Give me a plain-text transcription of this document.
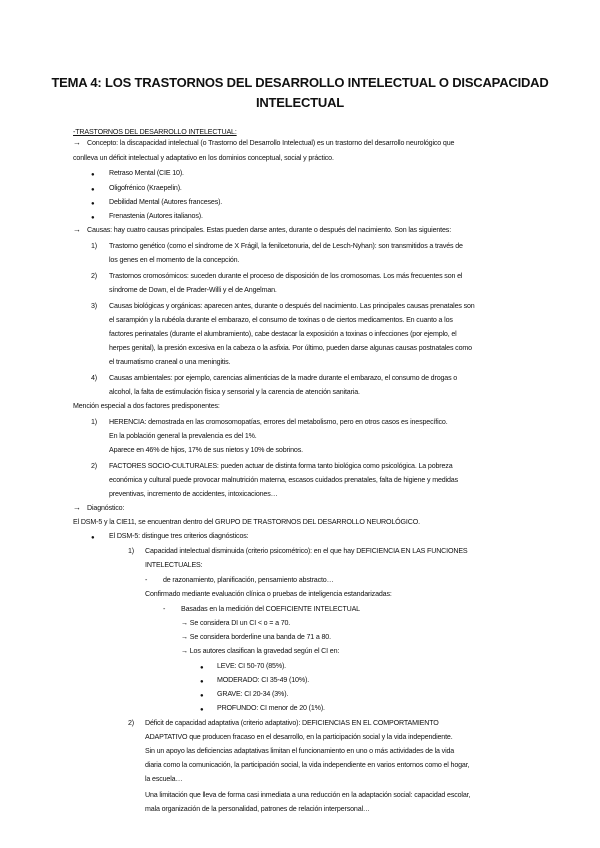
TEMA 4: LOS TRASTORNOS DEL DESARROLLO INTELECTUAL O DISCAPACIDAD
INTELECTUAL
-TRASTORNOS DEL DESARROLLO INTELECTUAL:
→ Concepto: la discapacidad intelectual (o Trastorno del Desarrollo Intelectual) es un trastorno del desarrollo neurológico que
conlleva un déficit intelectual y adaptativo en los dominios conceptual, social y práctico.
● Retraso Mental (CIE 10).
● Oligofrénico (Kraepelin).
● Debilidad Mental (Autores franceses).
● Frenastenia (Autores italianos).
→ Causas: hay cuatro causas principales. Estas pueden darse antes, durante o después del nacimiento. Son las siguientes:
1) Trastorno genético (como el síndrome de X Frágil, la fenilcetonuria, del de Lesch-Nyhan): son transmitidos a través de
los genes en el momento de la concepción.
2) Trastornos cromosómicos: suceden durante el proceso de disposición de los cromosomas. Los más frecuentes son el
síndrome de Down, el de Prader-Willi y el de Angelman.
3) Causas biológicas y orgánicas: aparecen antes, durante o después del nacimiento. Las principales causas prenatales son
el sarampión y la rubéola durante el embarazo, el consumo de toxinas o de ciertos medicamentos. En cuanto a los
factores perinatales (durante el alumbramiento), cabe destacar la exposición a toxinas o infecciones (por ejemplo, el
herpes genital), la presión excesiva en la cabeza o la asfixia. Por último, pueden darse algunas causas postnatales como
el traumatismo craneal o una meningitis.
4) Causas ambientales: por ejemplo, carencias alimenticias de la madre durante el embarazo, el consumo de drogas o
alcohol, la falta de estimulación física y sensorial y la carencia de atención sanitaria.
Mención especial a dos factores predisponentes:
1) HERENCIA: demostrada en las cromosomopatías, errores del metabolismo, pero en otros casos es inespecífico.
En la población general la prevalencia es del 1%.
Aparece en 46% de hijos, 17% de sus nietos y 10% de sobrinos.
2) FACTORES SOCIO-CULTURALES: pueden actuar de distinta forma tanto biológica como psicológica. La pobreza
económica y cultural puede provocar malnutrición materna, escasos cuidados prenatales, falta de higiene y medidas
preventivas, incremento de accidentes, intoxicaciones…
→ Diagnóstico:
El DSM-5 y la CIE11, se encuentran dentro del GRUPO DE TRASTORNOS DEL DESARROLLO NEUROLÓGICO.
● El DSM-5: distingue tres criterios diagnósticos:
1) Capacidad intelectual disminuida (criterio psicométrico): en el que hay DEFICIENCIA EN LAS FUNCIONES
INTELECTUALES:
- de razonamiento, planificación, pensamiento abstracto…
Confirmado mediante evaluación clínica o pruebas de inteligencia estandarizadas:
- Basadas en la medición del COEFICIENTE INTELECTUAL
→ Se considera DI un CI < o = a 70.
→ Se considera borderline una banda de 71 a 80.
→ Los autores clasifican la gravedad según el CI en:
● LEVE: CI 50-70 (85%).
● MODERADO: CI 35-49 (10%).
● GRAVE: CI 20-34 (3%).
● PROFUNDO: CI menor de 20 (1%).
2) Déficit de capacidad adaptativa (criterio adaptativo): DEFICIENCIAS EN EL COMPORTAMIENTO
ADAPTATIVO que producen fracaso en el desarrollo, en la participación social y la vida independiente.
Sin un apoyo las deficiencias adaptativas limitan el funcionamiento en uno o más actividades de la vida
diaria como la comunicación, la participación social, la vida independiente en varios entornos como el hogar,
la escuela…
Una limitación que lleva de forma casi inmediata a una reducción en la adaptación social: capacidad escolar,
mala organización de la personalidad, patrones de relación interpersonal…
